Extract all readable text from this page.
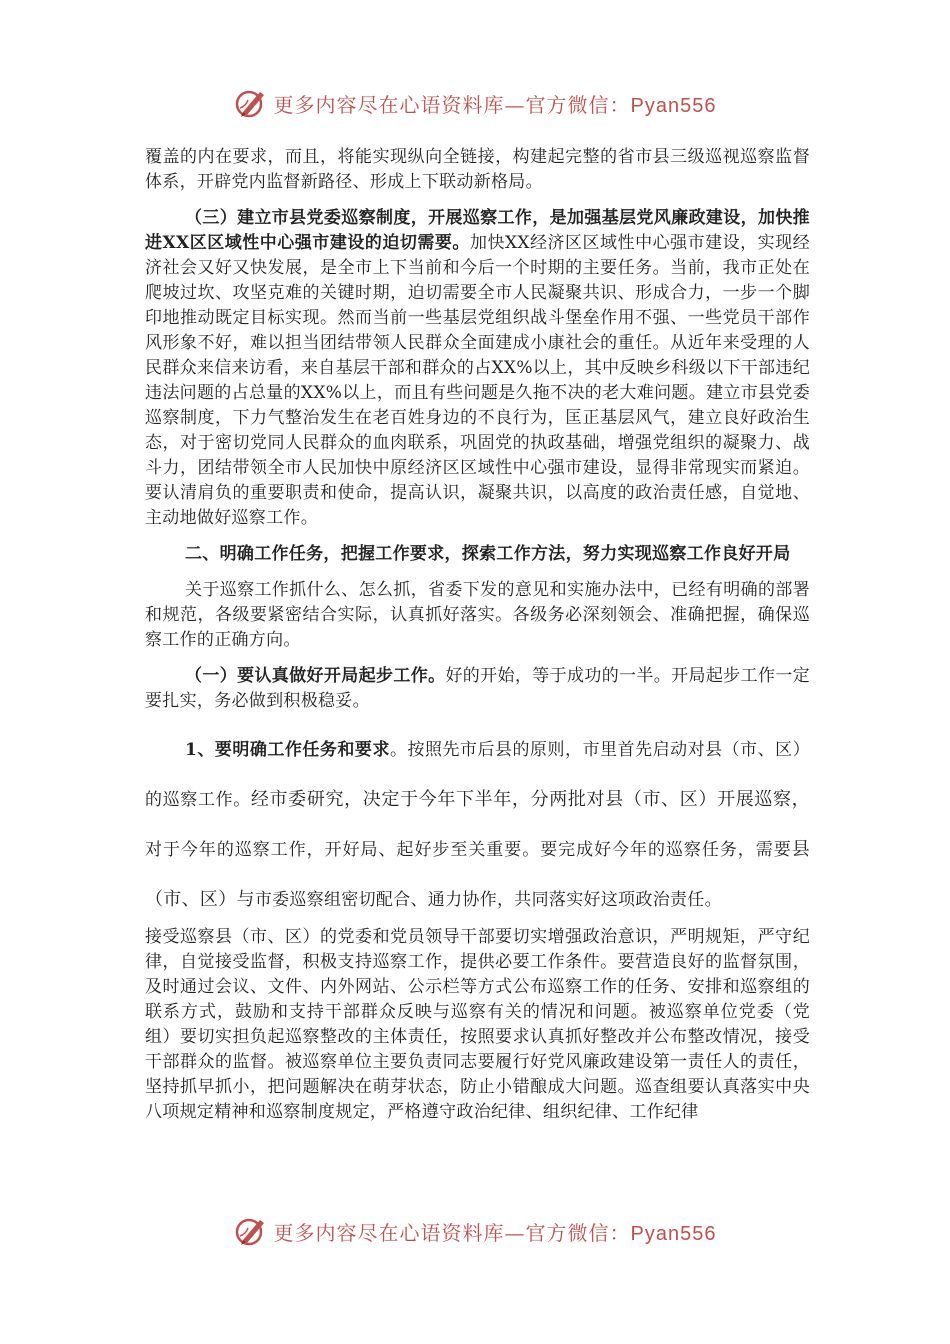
更多内容尽在心语资料库—官方微信：Pyan556

覆盖的内在要求，而且，将能实现纵向全链接，构建起完整的省市县三级巡视巡察监督体系，开辟党内监督新路径、形成上下联动新格局。

（三）建立市县党委巡察制度，开展巡察工作，是加强基层党风廉政建设，加快推进XX区区域性中心强市建设的迫切需要。加快XX经济区区域性中心强市建设，实现经济社会又好又快发展，是全市上下当前和今后一个时期的主要任务。当前，我市正处在爬坡过坎、攻坚克难的关键时期，迫切需要全市人民凝聚共识、形成合力，一步一个脚印地推动既定目标实现。然而当前一些基层党组织战斗堡垒作用不强、一些党员干部作风形象不好，难以担当团结带领人民群众全面建成小康社会的重任。从近年来受理的人民群众来信来访看，来自基层干部和群众的占XX%以上，其中反映乡科级以下干部违纪违法问题的占总量的XX%以上，而且有些问题是久拖不决的老大难问题。建立市县党委巡察制度，下力气整治发生在老百姓身边的不良行为，匡正基层风气，建立良好政治生态，对于密切党同人民群众的血肉联系，巩固党的执政基础，增强党组织的凝聚力、战斗力，团结带领全市人民加快中原经济区区域性中心强市建设，显得非常现实而紧迫。要认清肩负的重要职责和使命，提高认识，凝聚共识，以高度的政治责任感，自觉地、主动地做好巡察工作。

二、明确工作任务，把握工作要求，探索工作方法，努力实现巡察工作良好开局

关于巡察工作抓什么、怎么抓，省委下发的意见和实施办法中，已经有明确的部署和规范，各级要紧密结合实际，认真抓好落实。各级务必深刻领会、准确把握，确保巡察工作的正确方向。

（一）要认真做好开局起步工作。好的开始，等于成功的一半。开局起步工作一定要扎实，务必做到积极稳妥。

1、要明确工作任务和要求。按照先市后县的原则，市里首先启动对县（市、区）的巡察工作。经市委研究，决定于今年下半年，分两批对县（市、区）开展巡察，对于今年的巡察工作，开好局、起好步至关重要。要完成好今年的巡察任务，需要县（市、区）与市委巡察组密切配合、通力协作，共同落实好这项政治责任。

接受巡察县（市、区）的党委和党员领导干部要切实增强政治意识，严明规矩，严守纪律，自觉接受监督，积极支持巡察工作，提供必要工作条件。要营造良好的监督氛围，及时通过会议、文件、内外网站、公示栏等方式公布巡察工作的任务、安排和巡察组的联系方式，鼓励和支持干部群众反映与巡察有关的情况和问题。被巡察单位党委（党组）要切实担负起巡察整改的主体责任，按照要求认真抓好整改并公布整改情况，接受干部群众的监督。被巡察单位主要负责同志要履行好党风廉政建设第一责任人的责任，坚持抓早抓小，把问题解决在萌芽状态，防止小错酿成大问题。巡查组要认真落实中央八项规定精神和巡察制度规定，严格遵守政治纪律、组织纪律、工作纪律

更多内容尽在心语资料库—官方微信：Pyan556
